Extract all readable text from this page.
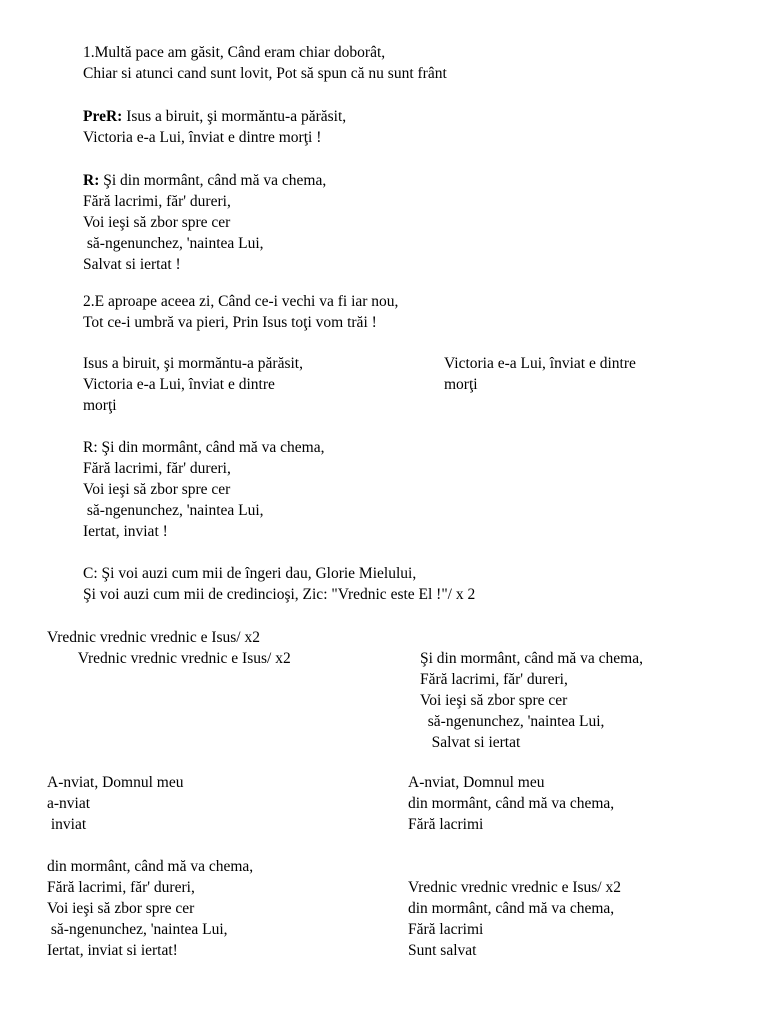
1.Multă pace am găsit, Când eram chiar doborât,
Chiar si atunci cand sunt lovit, Pot să spun că nu sunt frânt
PreR: Isus a biruit, şi mormăntu-a părăsit,
Victoria e-a Lui, înviat e dintre morţi !
R: Şi din mormânt, când mă va chema,
Fără lacrimi, făr' dureri,
Voi ieşi să zbor spre cer
să-ngenunchez, 'naintea Lui,
Salvat si iertat !
2.E aproape aceea zi, Când ce-i vechi va fi iar nou,
Tot ce-i umbră va pieri, Prin Isus toţi vom trăi !
Isus a biruit, şi mormăntu-a părăsit,
Victoria e-a Lui, înviat e dintre
morţi
Victoria e-a Lui, înviat e dintre
morţi
R: Şi din mormânt, când mă va chema,
Fără lacrimi, făr' dureri,
Voi ieşi să zbor spre cer
să-ngenunchez, 'naintea Lui,
Iertat, inviat !
C: Şi voi auzi cum mii de îngeri dau, Glorie Mielului,
Şi voi auzi cum mii de credincioşi, Zic: "Vrednic este El !"/ x 2
Vrednic vrednic vrednic e Isus/ x2
Vrednic vrednic vrednic e Isus/ x2	Şi din mormânt, când mă va chema,
Fără lacrimi, făr' dureri,
Voi ieşi să zbor spre cer
să-ngenunchez, 'naintea Lui,
Salvat si iertat
A-nviat, Domnul meu
a-nviat
inviat
A-nviat, Domnul meu
din mormânt, când mă va chema,
Fără lacrimi
din mormânt, când mă va chema,
Fără lacrimi, făr' dureri,
Voi ieşi să zbor spre cer
să-ngenunchez, 'naintea Lui,
Iertat, inviat si iertat!
Vrednic vrednic vrednic e Isus/ x2
din mormânt, când mă va chema,
Fără lacrimi
Sunt salvat
